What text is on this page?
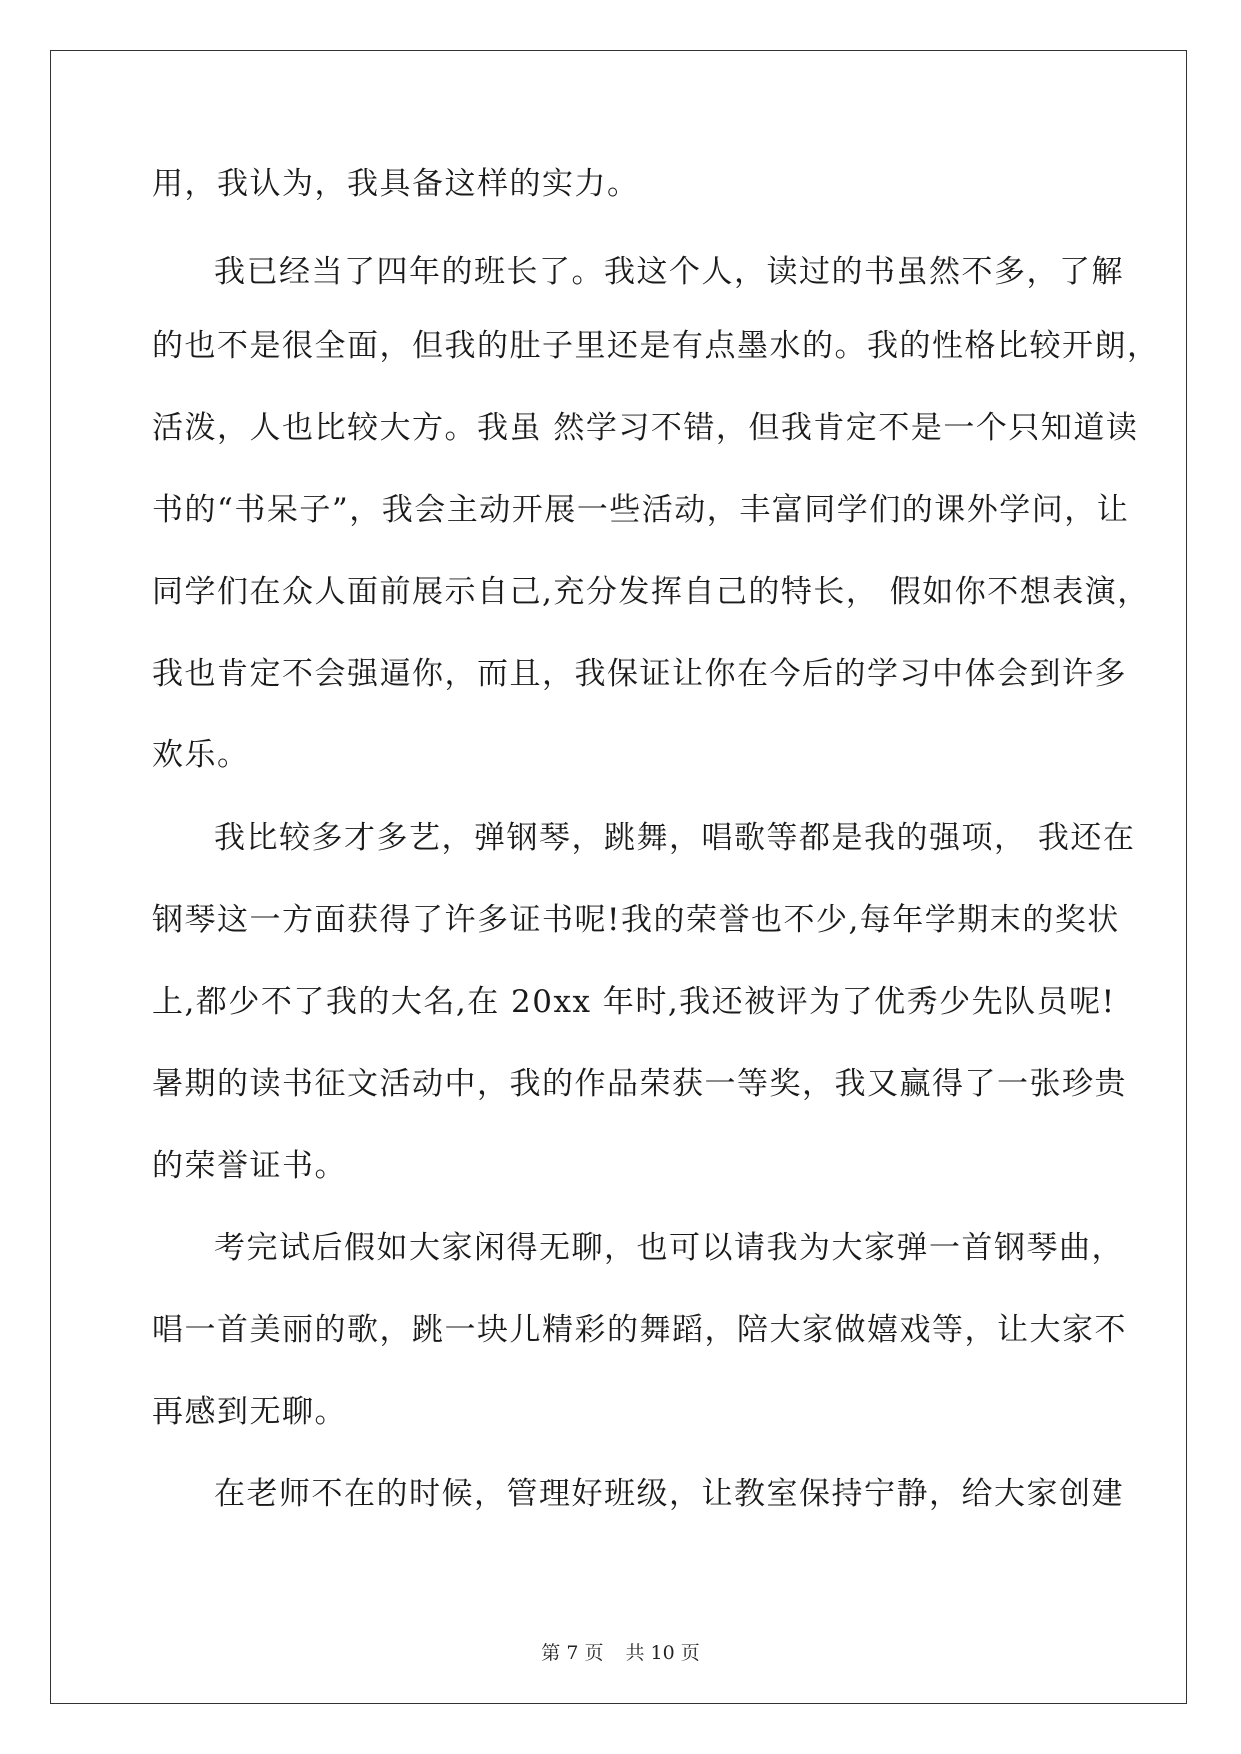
用，我认为，我具备这样的实力。
我已经当了四年的班长了。我这个人，读过的书虽然不多，了解
的也不是很全面，但我的肚子里还是有点墨水的。我的性格比较开朗，
活泼，人也比较大方。我虽 然学习不错，但我肯定不是一个只知道读
书的“书呆子”，我会主动开展一些活动，丰富同学们的课外学问，让
同学们在众人面前展示自己,充分发挥自己的特长， 假如你不想表演，
我也肯定不会强逼你，而且，我保证让你在今后的学习中体会到许多
欢乐。
我比较多才多艺，弹钢琴，跳舞，唱歌等都是我的强项， 我还在
钢琴这一方面获得了许多证书呢!我的荣誉也不少,每年学期末的奖状
上,都少不了我的大名,在 20xx 年时,我还被评为了优秀少先队员呢!
暑期的读书征文活动中，我的作品荣获一等奖，我又赢得了一张珍贵
的荣誉证书。
考完试后假如大家闲得无聊，也可以请我为大家弹一首钢琴曲，
唱一首美丽的歌，跳一块儿精彩的舞蹈，陪大家做嬉戏等，让大家不
再感到无聊。
在老师不在的时候，管理好班级，让教室保持宁静，给大家创建
第 7 页 共 10 页
